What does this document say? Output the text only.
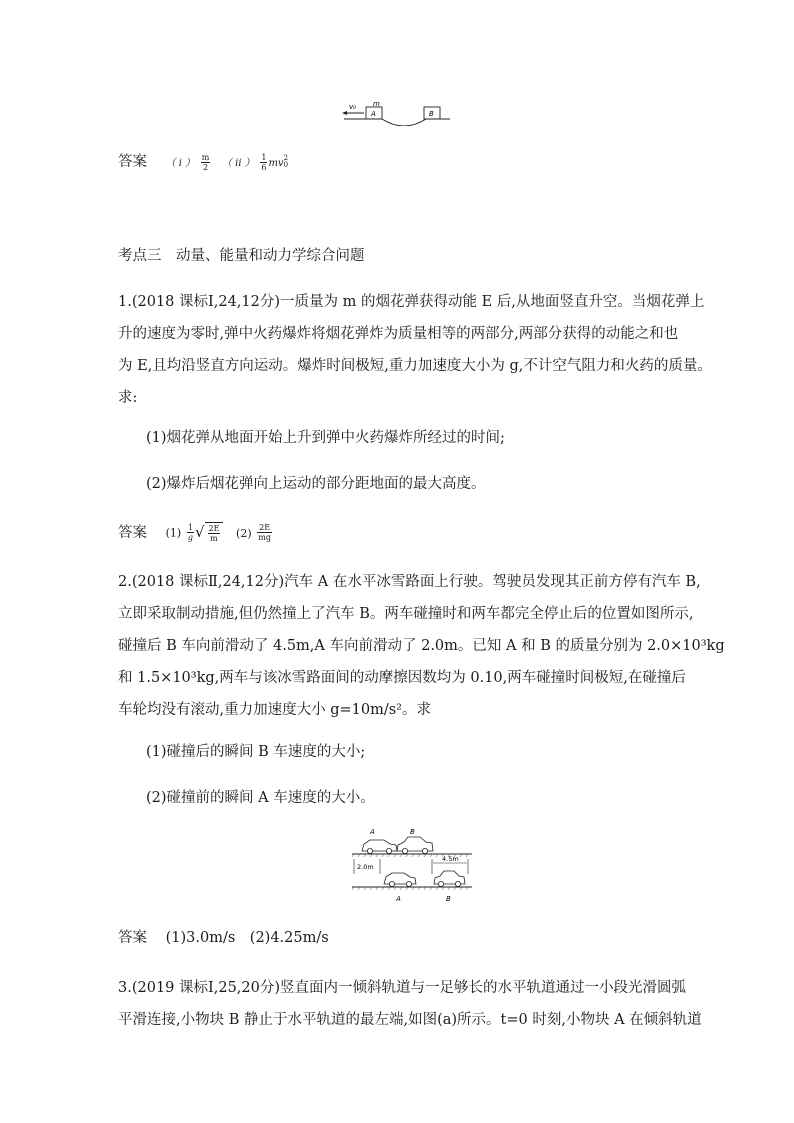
v₀ m
A	B
答案 （ i ） $\frac{m}{2}$ （ ii ） $\frac{1}{6}$ mv 2
0
考点三　动量、能量和动力学综合问题
1.(2018 课标Ⅰ,24,12分)一质量为 m 的烟花弹获得动能 E 后,从地面竖直升空。当烟花弹上
升的速度为零时,弹中火药爆炸将烟花弹炸为质量相等的两部分,两部分获得的动能之和也
为 E,且均沿竖直方向运动。爆炸时间极短,重力加速度大小为 g,不计空气阻力和火药的质量。
求:
(1)烟花弹从地面开始上升到弹中火药爆炸所经过的时间;
(2)爆炸后烟花弹向上运动的部分距地面的最大高度。
答案 $(1) \frac{1}{g}$ √ $\frac{2E}{m} (2) \frac{2E}{mg}$
2.(2018 课标Ⅱ,24,12分)汽车 A 在水平冰雪路面上行驶。驾驶员发现其正前方停有汽车 B,
立即采取制动措施,但仍然撞上了汽车 B。两车碰撞时和两车都完全停止后的位置如图所示,
碰撞后 B 车向前滑动了 4.5m,A 车向前滑动了 2.0m。已知 A 和 B 的质量分别为 2.0×10³kg
和 1.5×10³kg,两车与该冰雪路面间的动摩擦因数均为 0.10,两车碰撞时间极短,在碰撞后
车轮均没有滚动,重力加速度大小 g=10m/s²。求
(1)碰撞后的瞬间 B 车速度的大小;
(2)碰撞前的瞬间 A 车速度的大小。
A	B
2.0m
4.5m
A	B
答案 (1)3.0m/s　(2)4.25m/s
3.(2019 课标Ⅰ,25,20分)竖直面内一倾斜轨道与一足够长的水平轨道通过一小段光滑圆弧
平滑连接,小物块 B 静止于水平轨道的最左端,如图(a)所示。t=0 时刻,小物块 A 在倾斜轨道
